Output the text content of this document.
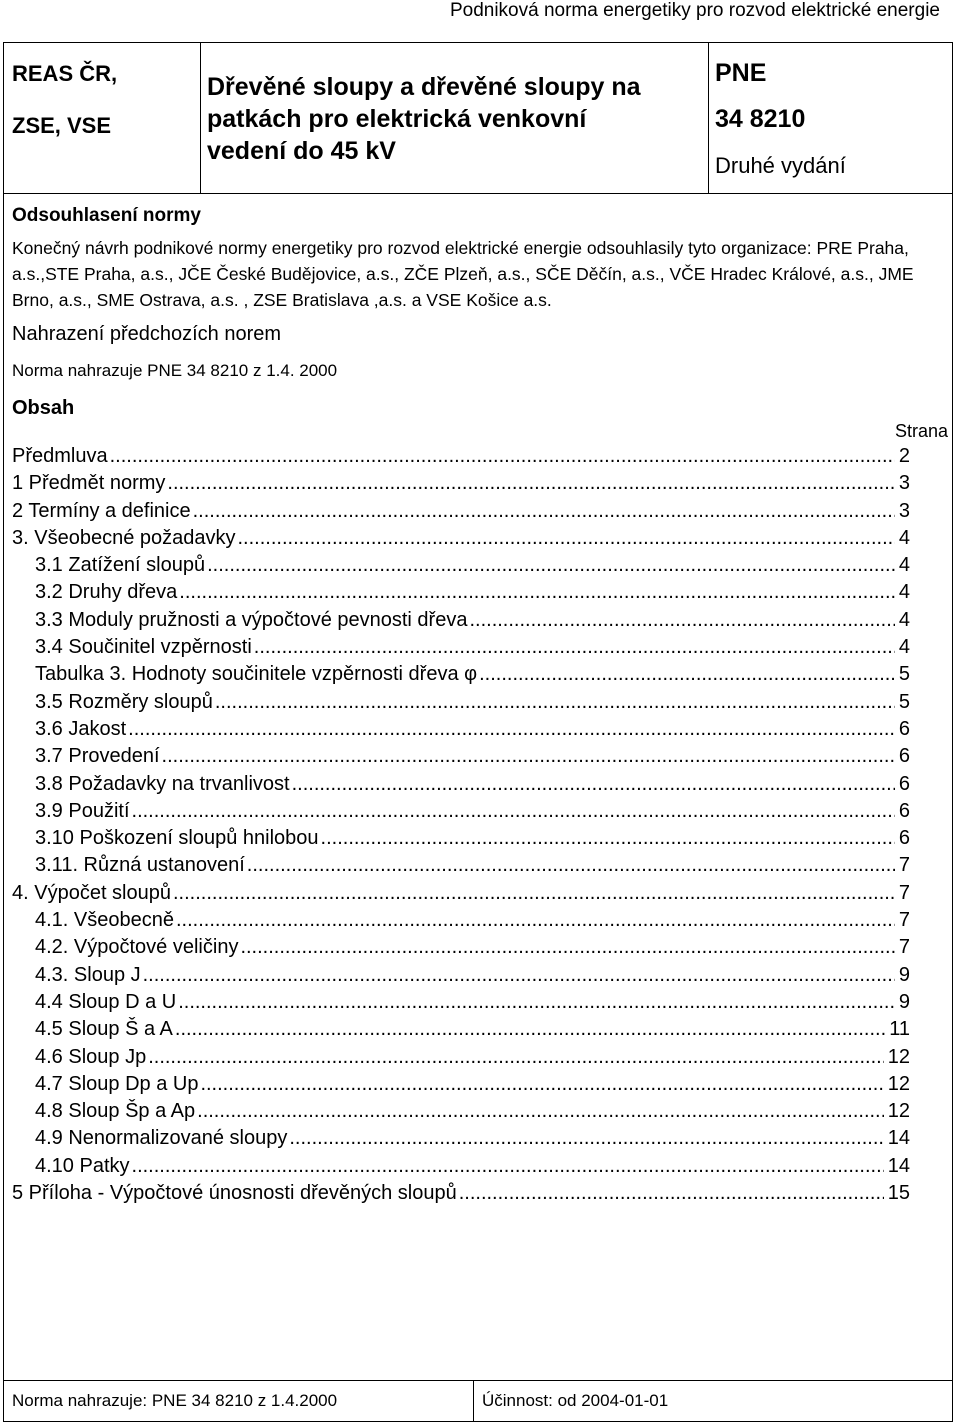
Podniková norma energetiky pro rozvod elektrické energie
REAS ČR,
ZSE, VSE
Dřevěné sloupy a dřevěné sloupy na
patkách pro elektrická venkovní
vedení do 45 kV
PNE
34 8210
Druhé vydání
Odsouhlasení normy
Konečný návrh podnikové normy energetiky pro rozvod elektrické energie odsouhlasily tyto organizace: PRE Praha, a.s.,STE Praha, a.s., JČE České Budějovice, a.s., ZČE Plzeň, a.s., SČE Děčín, a.s., VČE Hradec Králové, a.s., JME Brno, a.s., SME Ostrava, a.s. , ZSE Bratislava ,a.s. a VSE Košice a.s.
Nahrazení předchozích norem
Norma nahrazuje PNE 34 8210 z 1.4. 2000
Obsah
Strana
Předmluva .....	2
1 Předmět normy .....	3
2 Termíny a definice .....	3
3. Všeobecné požadavky .....	4
3.1 Zatížení sloupů .....	4
3.2 Druhy dřeva .....	4
3.3 Moduly pružnosti a výpočtové pevnosti dřeva .....	4
3.4 Součinitel vzpěrnosti .....	4
Tabulka 3. Hodnoty součinitele vzpěrnosti dřeva φ .....	5
3.5 Rozměry sloupů .....	5
3.6 Jakost .....	6
3.7 Provedení .....	6
3.8 Požadavky na trvanlivost .....	6
3.9 Použití .....	6
3.10 Poškození sloupů hnilobou .....	6
3.11. Různá ustanovení .....	7
4. Výpočet sloupů .....	7
4.1. Všeobecně .....	7
4.2. Výpočtové veličiny .....	7
4.3. Sloup J .....	9
4.4 Sloup D a U .....	9
4.5 Sloup Š a A .....	11
4.6 Sloup Jp .....	12
4.7 Sloup Dp a Up .....	12
4.8 Sloup Šp a Ap .....	12
4.9 Nenormalizované sloupy .....	14
4.10 Patky .....	14
5 Příloha - Výpočtové únosnosti dřevěných sloupů .....	15
Norma nahrazuje: PNE 34 8210 z 1.4.2000	Účinnost: od 2004-01-01
